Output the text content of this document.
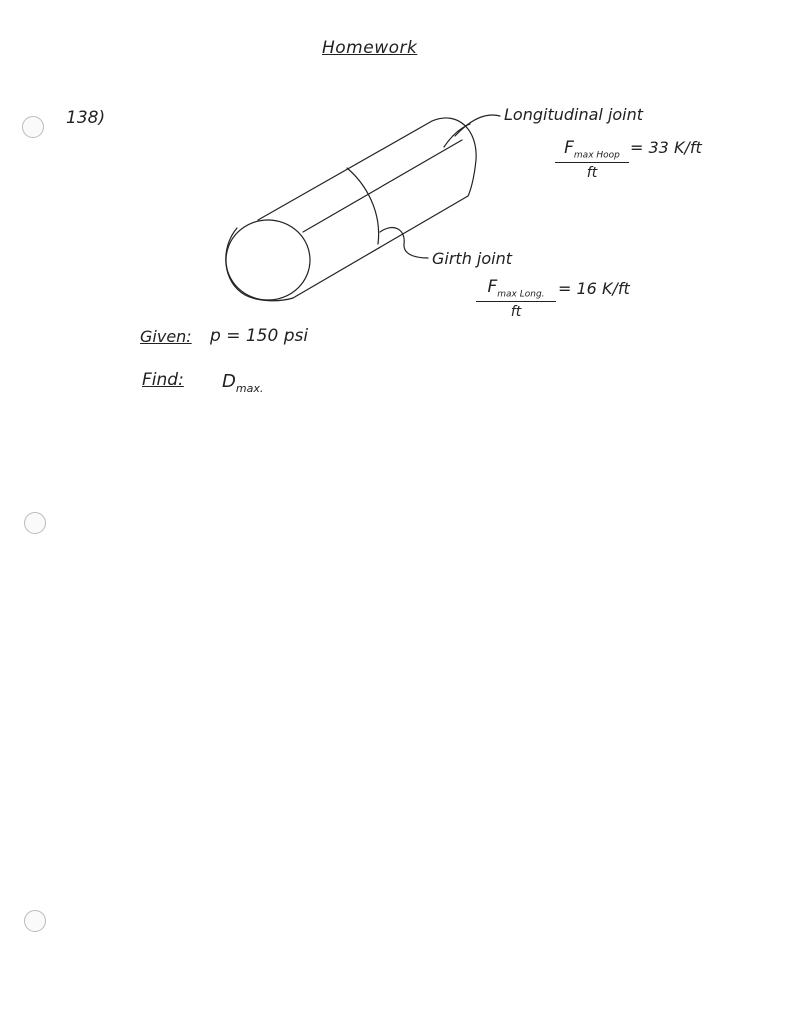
Homework
138)	Longitudinal joint
$F_{max Hoop}$
ft
= 33 K/ft
Girth joint
$F_{max Long.}$
ft
= 16 K/ft
Given: p = 150 psi
Find: $D_{max.}$
